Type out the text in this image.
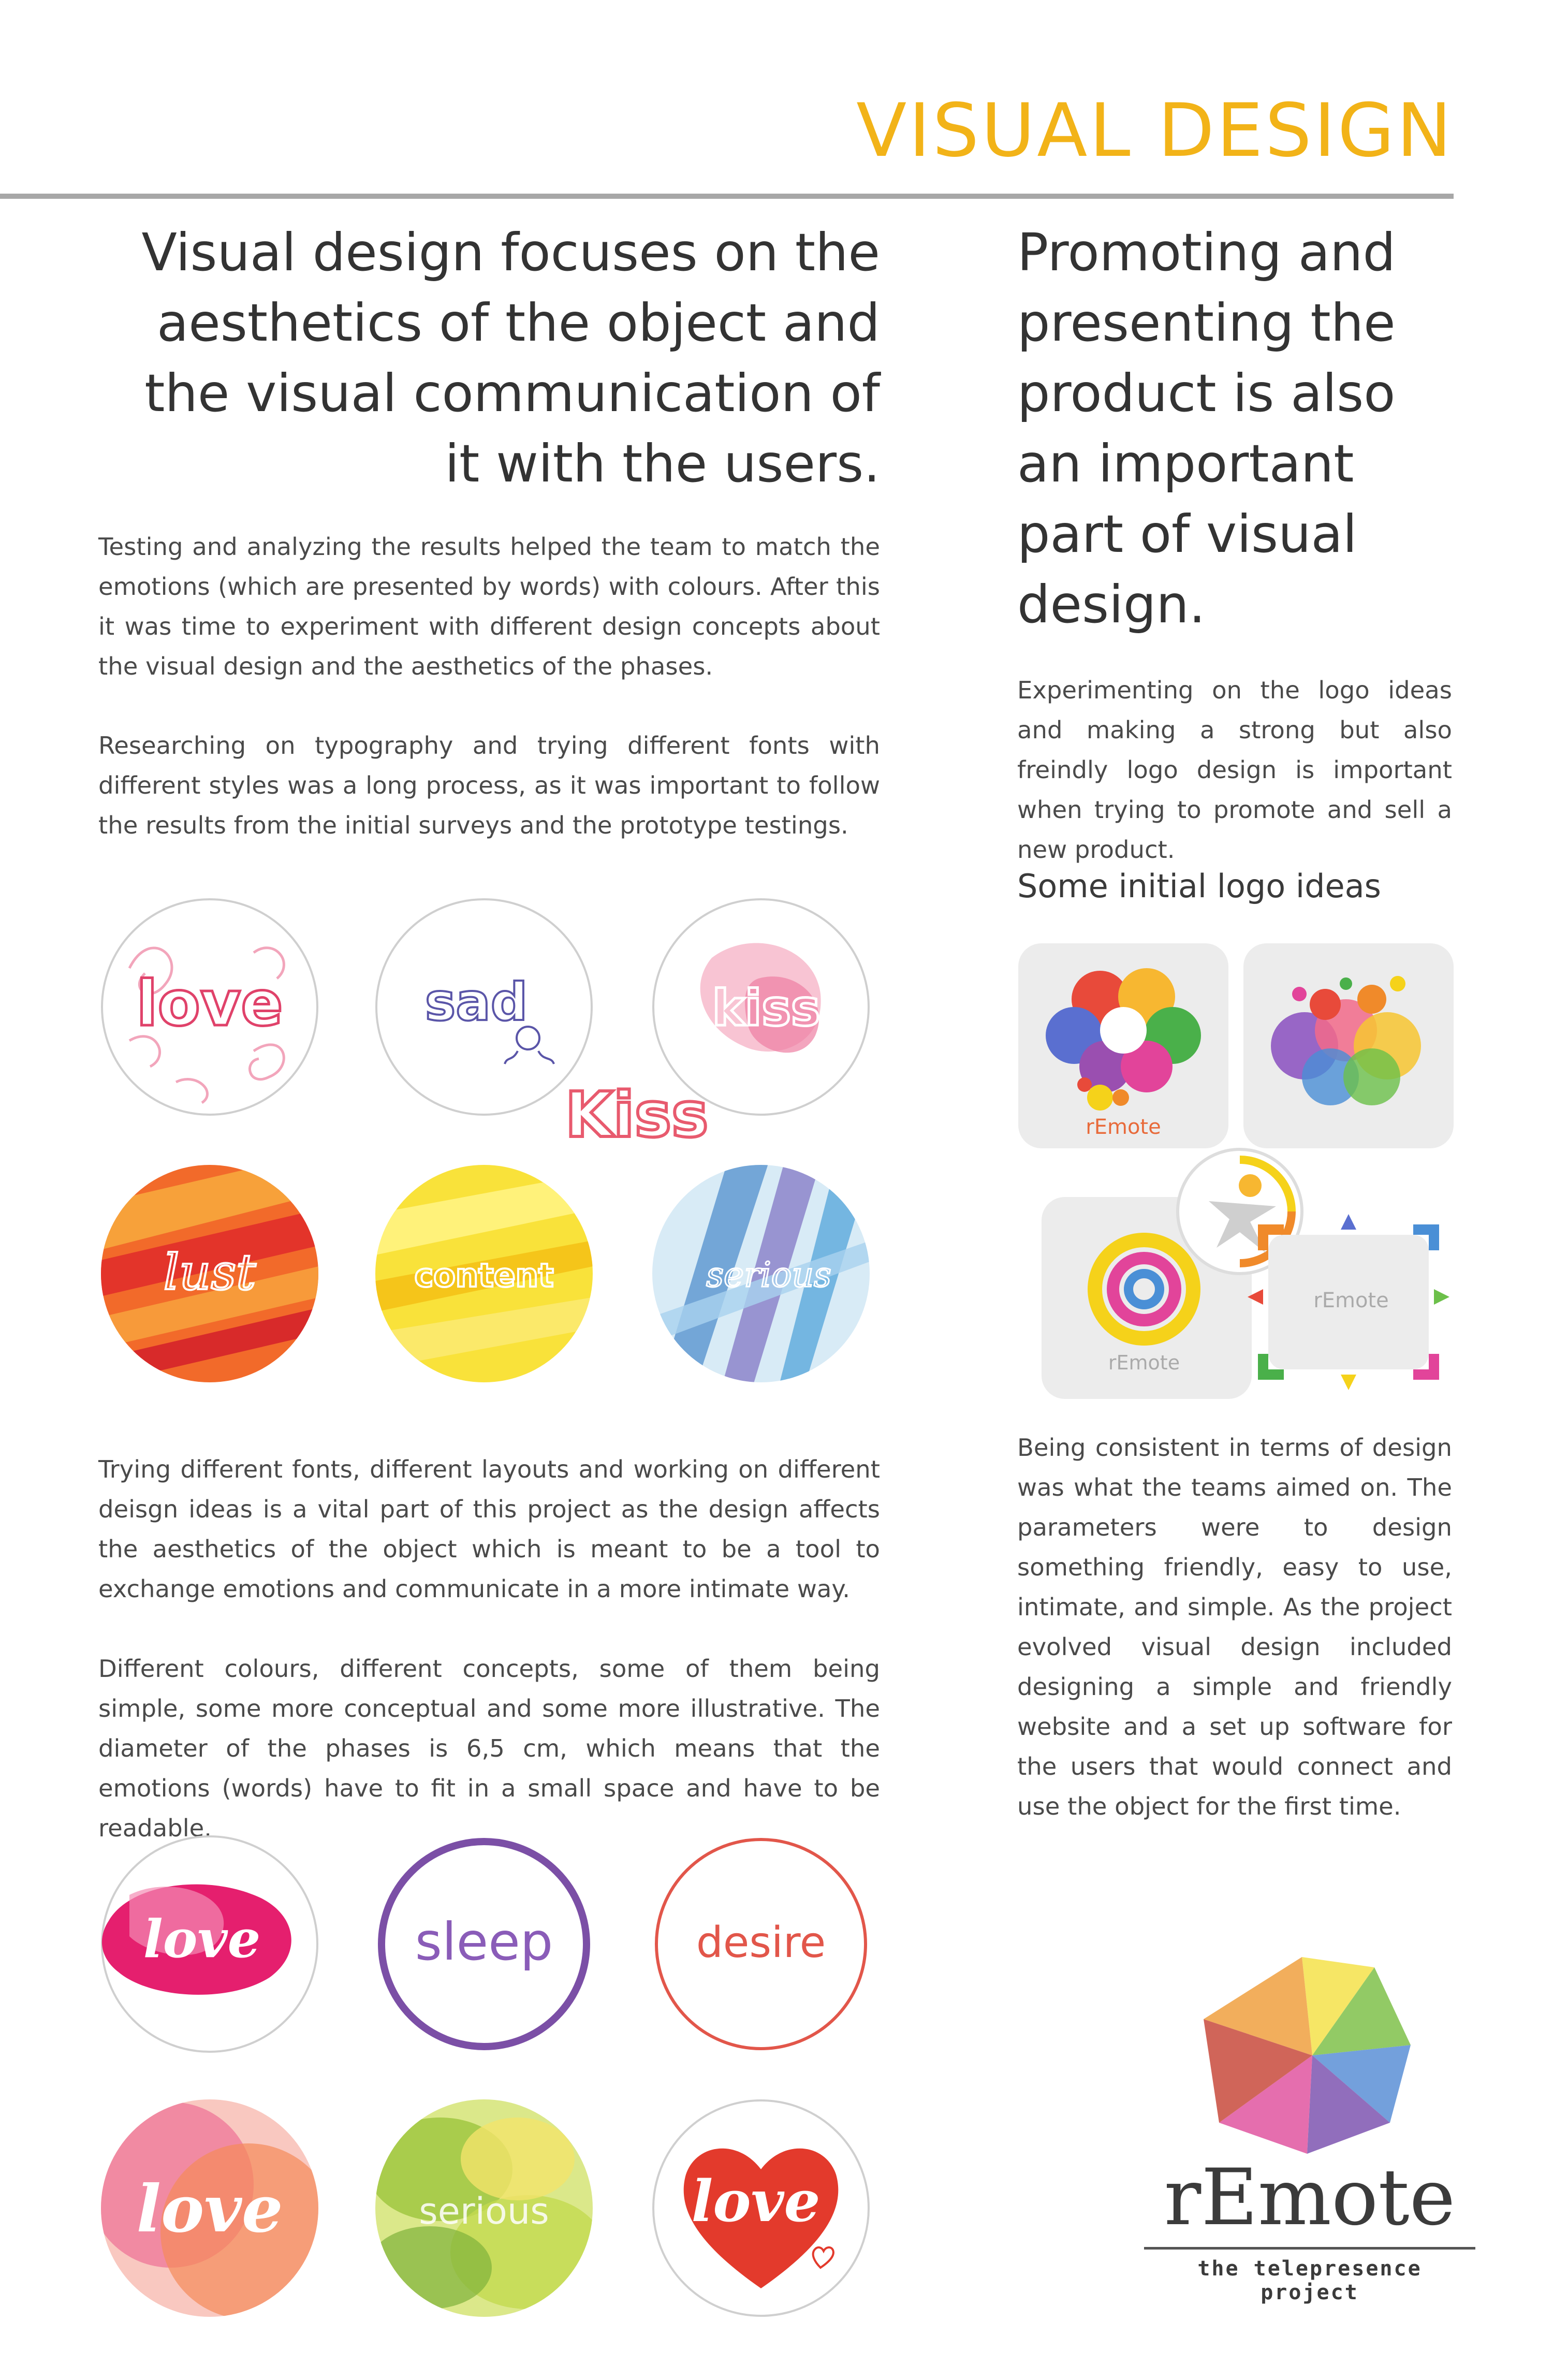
VISUAL DESIGN
Visual design focuses on the aesthetics of the object and the visual communication of it with the users.
Testing and analyzing the results helped the team to match the emotions (which are presented by words) with colours. After this it was time to experiment with different design concepts about the visual design and the aesthetics of the phases.
Researching on typography and trying different fonts with different styles was a long process, as it was important to follow the results from the initial surveys and the prototype testings.
Promoting and presenting the product is also an important part of visual design.
Experimenting on the logo ideas and making a strong but also freindly logo design is important when trying to promote and sell a new product.
Some initial logo ideas
love	sad	kiss
Kiss
lust	content	serious
Trying different fonts, different layouts and working on different deisgn ideas is a vital part of this project as the design affects the aesthetics of the object which is meant to be a tool to exchange emotions and communicate in a more intimate way.
Different colours, different concepts, some of them being simple, some more conceptual and some more illustrative. The diameter of the phases is 6,5 cm, which means that the emotions (words) have to fit in a small space and have to be readable.
love	sleep	desire
love	serious love
rEmote
rEmote
rEmote
Being consistent in terms of design was what the teams aimed on. The parameters were to design something friendly, easy to use, intimate, and simple. As the project evolved visual design included designing a simple and friendly website and a set up software for the users that would connect and use the object for the first time.
rEmote
the telepresence project
